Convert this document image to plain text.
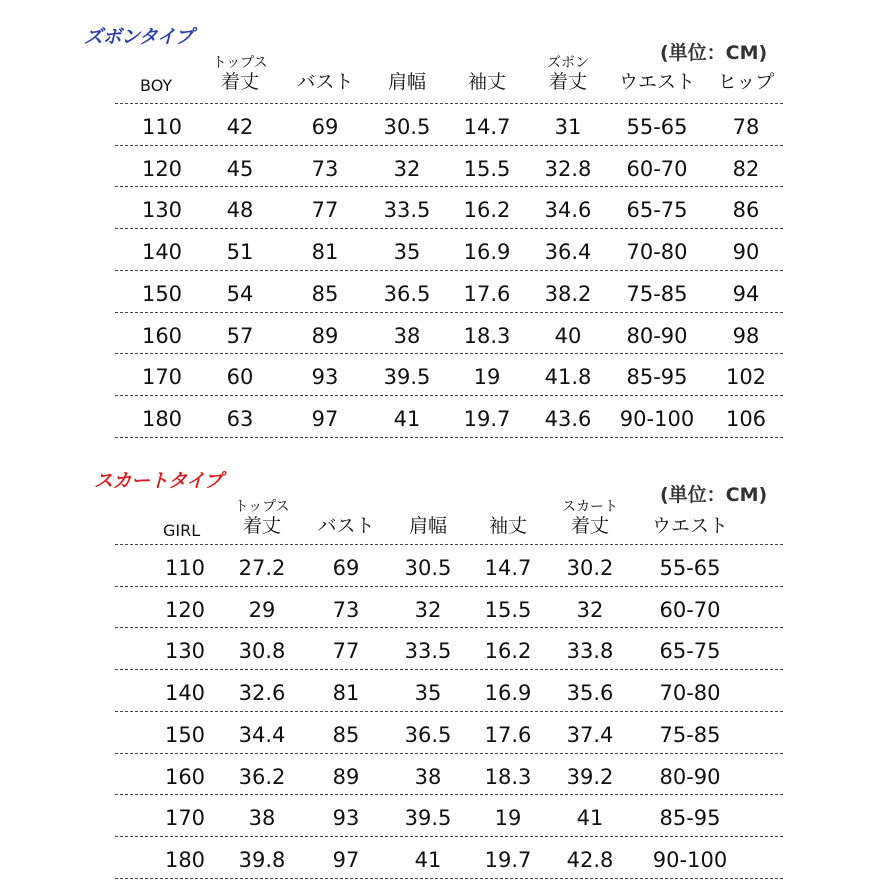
ズボンタイプ
(単位：CM)
BOY
トップス
着丈	バスト	肩幅	袖丈
ズボン
着丈	ウエスト	ヒップ
110	42	69	30.5	14.7	31	55-65	78
120	45	73	32	15.5	32.8	60-70	82
130	48	77	33.5	16.2	34.6	65-75	86
140	51	81	35	16.9	36.4	70-80	90
150	54	85	36.5	17.6	38.2	75-85	94
160	57	89	38	18.3	40	80-90	98
170	60	93	39.5	19	41.8	85-95	102
180	63	97	41	19.7	43.6	90-100	106
スカートタイプ
(単位：CM)
GIRL
トップス
着丈	バスト	肩幅	袖丈
スカート
着丈	ウエスト
110	27.2	69	30.5	14.7	30.2	55-65
120	29	73	32	15.5	32	60-70
130	30.8	77	33.5	16.2	33.8	65-75
140	32.6	81	35	16.9	35.6	70-80
150	34.4	85	36.5	17.6	37.4	75-85
160	36.2	89	38	18.3	39.2	80-90
170	38	93	39.5	19	41	85-95
180	39.8	97	41	19.7	42.8	90-100
